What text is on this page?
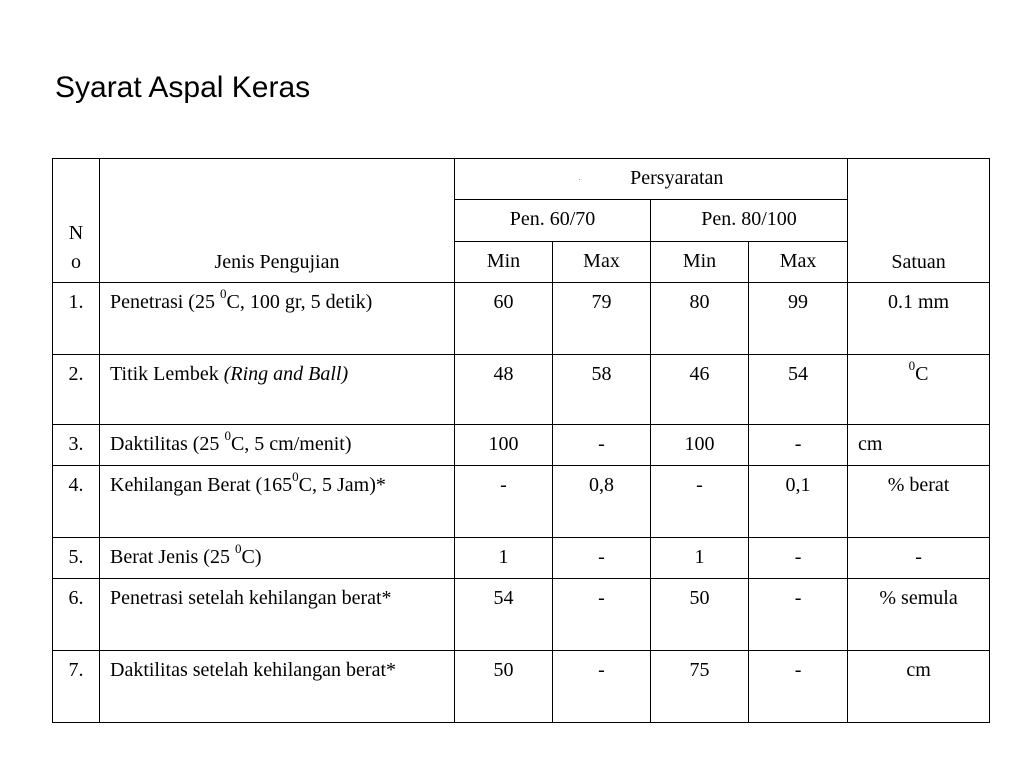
Syarat Aspal Keras
N
o	Jenis Pengujian	. Persyaratan				Satuan
		Pen. 60/70		Pen. 80/100		
		Min	Max	Min	Max	
1.	Penetrasi (25 $^0$C, 100 gr, 5 detik)	60	79	80	99	0.1 mm
2.	Titik Lembek (Ring and Ball)	48	58	46	54	$^0$C
3.	Daktilitas (25 $^0$C, 5 cm/menit)	100	-	100	-	cm
4.	Kehilangan Berat ($165^0C$, 5 Jam)*	-	0,8	-	0,1	% berat
5.	Berat Jenis (25 $^0$C)	1	-	1	-	-
6.	Penetrasi setelah kehilangan berat*	54	-	50	-	% semula
7.	Daktilitas setelah kehilangan berat*	50	-	75	-	cm
